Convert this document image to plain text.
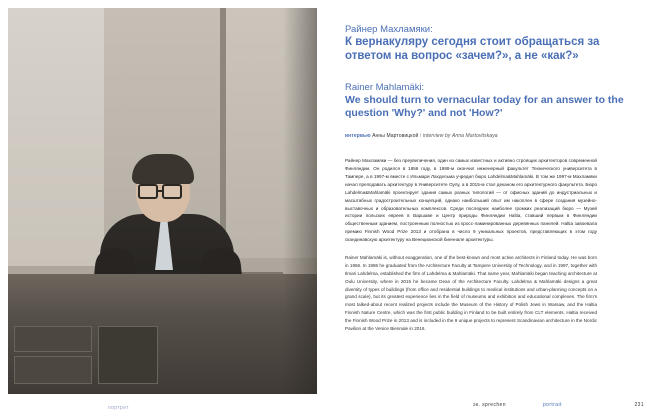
230	портрет
Райнер Махламяки:
К вернакуляру сегодня стоит обращаться за ответом на вопрос «зачем?», а не «как?»
Rainer Mahlamäki:
We should turn to vernacular today for an answer to the question 'Why?' and not 'How?'
интервью Анны Мартовицкой / interview by Anna Martovitskaya

Райнер Махламяки — без преувеличения, один из самых известных и активно строящих архитекторов современной Финляндии. Он родился в 1956 году, в 1986-м окончил инженерный факультет Технического университета в Тампере, а в 1997-м вместе с Ильмари Лахдельма учредил бюро Lahdelma&Mahlamäki. В том же 1997-м Махламяки начал преподавать архитектуру в Университете Оулу, а в 2015-м стал деканом его архитектурного факультета. Бюро Lahdelma&Mahlamäki проектирует здания самых разных типологий — от офисных зданий до индустриальных и масштабных градостроительных концепций, однако наибольший опыт им накоплен в сфере создания музейно-выставочных и образовательных комплексов. Среди последних наиболее громких реализаций бюро — Музей истории польских евреев в Варшаве и Центр природы Финляндии Haltia, ставший первым в Финляндии общественным зданием, построенным полностью из кросс-ламинированных деревянных панелей. Haltia завоевала премию Finnish Wood Prize 2013 и отобрана в число 9 уникальных проектов, представляющих в этом году скандинавскую архитектуру на Венецианской биеннале архитектуры.

Rainer Mahlamäki is, without exaggeration, one of the best-known and most active architects in Finland today. He was born in 1956. In 1986 he graduated from the Architecture Faculty at Tampere University of Technology, and in 1997, together with Ilmari Lahdelma, established the firm of Lahdelma & Mahlamäki. That same year, Mahlamäki began teaching architecture at Oulu University, where in 2015 he became Dean of the Architecture Faculty. Lahdelma & Mahlamäki designs a great diversity of types of buildings (from office and residential buildings to medical institutions and urban-planning concepts on a grand scale), but its greatest experience lies in the field of museums and exhibition and educational complexes. The firm's most talked-about recent realized projects include the Museum of the History of Polish Jews in Warsaw, and the Haltia Finnish Nature Centre, which was the first public building in Finland to be built entirely from CLT elements. Haltia received the Finnish Wood Prize in 2013 and is included in the 9 unique projects to represent Scandinavian architecture in the Nordic Pavilion at the Venice Biennale in 2016.

эк. sprechen	portrait	231
